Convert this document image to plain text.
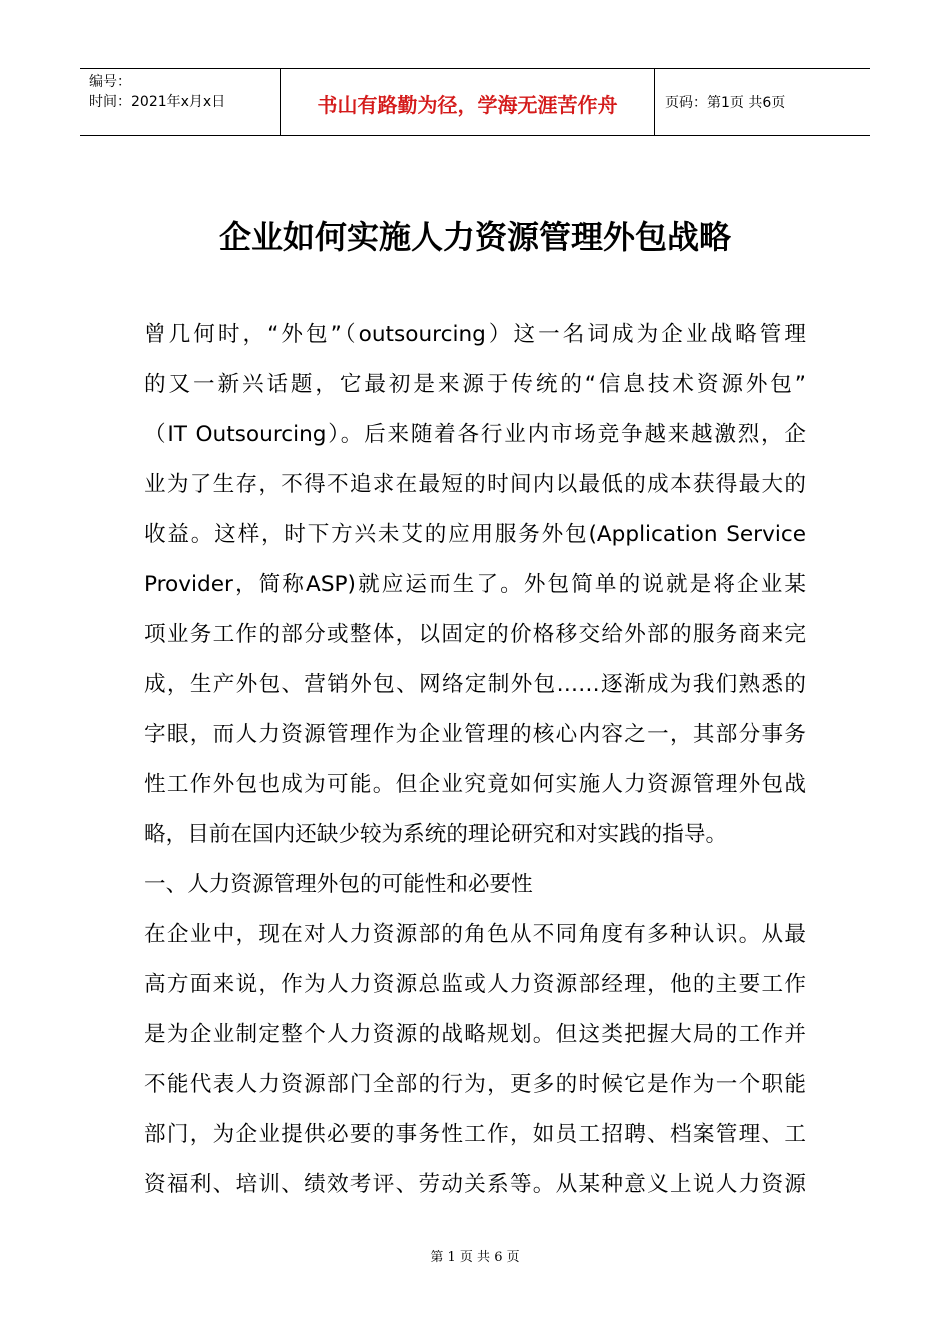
编号：
时间：2021年x月x日	书山有路勤为径，学海无涯苦作舟	页码：第1页 共6页
企业如何实施人力资源管理外包战略
曾几何时，“外包”（outsourcing）这一名词成为企业战略管理
的又一新兴话题，它最初是来源于传统的“信息技术资源外包”
（IT Outsourcing）。后来随着各行业内市场竞争越来越激烈，企
业为了生存，不得不追求在最短的时间内以最低的成本获得最大的
收益。这样，时下方兴未艾的应用服务外包(Application Service
Provider，简称ASP)就应运而生了。外包简单的说就是将企业某
项业务工作的部分或整体，以固定的价格移交给外部的服务商来完
成，生产外包、营销外包、网络定制外包……逐渐成为我们熟悉的
字眼，而人力资源管理作为企业管理的核心内容之一，其部分事务
性工作外包也成为可能。但企业究竟如何实施人力资源管理外包战
略，目前在国内还缺少较为系统的理论研究和对实践的指导。
一、人力资源管理外包的可能性和必要性
在企业中，现在对人力资源部的角色从不同角度有多种认识。从最
高方面来说，作为人力资源总监或人力资源部经理，他的主要工作
是为企业制定整个人力资源的战略规划。但这类把握大局的工作并
不能代表人力资源部门全部的行为，更多的时候它是作为一个职能
部门，为企业提供必要的事务性工作，如员工招聘、档案管理、工
资福利、培训、绩效考评、劳动关系等。从某种意义上说人力资源
第 1 页 共 6 页
